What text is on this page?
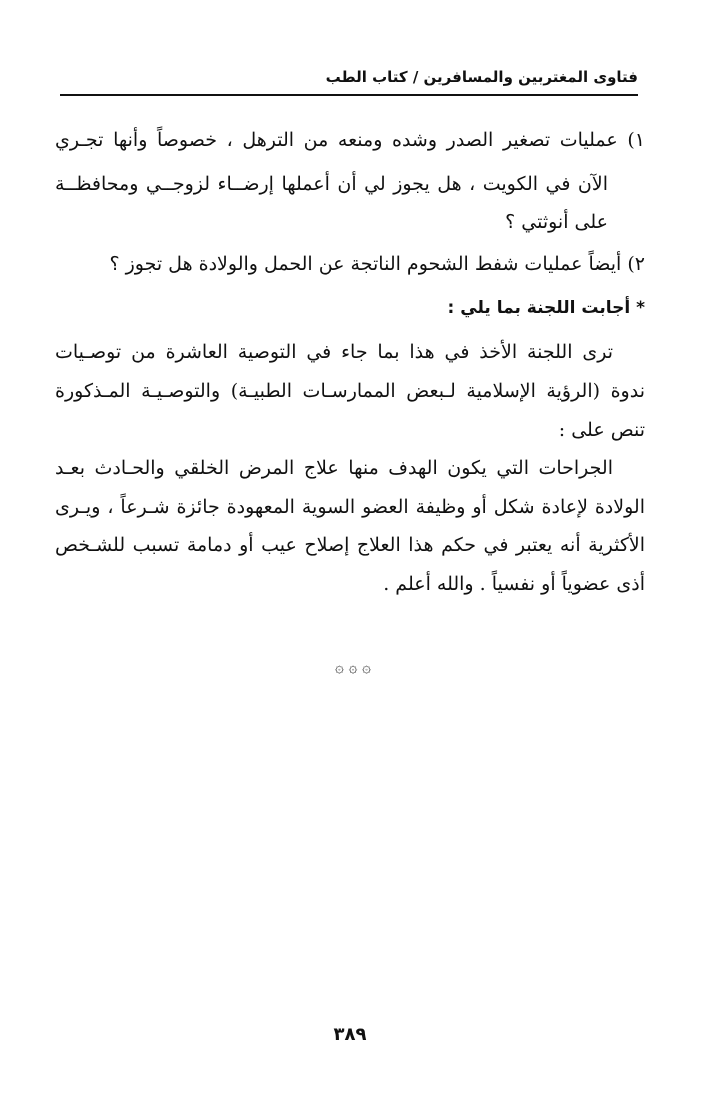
فتاوى المغتربين والمسافرين / كتاب الطب
١) عمليات تصغير الصدر وشده ومنعه من الترهل ، خصوصاً وأنها تجـري
الآن في الكويت ، هل يجوز لي أن أعملها إرضــاء لزوجــي ومحافظــة
على أنوثتي ؟
٢) أيضاً عمليات شفط الشحوم الناتجة عن الحمل والولادة هل تجوز ؟
* أجابت اللجنة بما يلي :
ترى اللجنة الأخذ في هذا بما جاء في التوصية العاشرة من توصـيات
ندوة (الرؤية الإسلامية لـبعض الممارسـات الطبيـة) والتوصـيـة المـذكورة
تنص على :
الجراحات التي يكون الهدف منها علاج المرض الخلقي والحـادث بعـد
الولادة لإعادة شكل أو وظيفة العضو السوية المعهودة جائزة شـرعاً ، ويـرى
الأكثرية أنه يعتبر في حكم هذا العلاج إصلاح عيب أو دمامة تسبب للشـخص
أذى عضوياً أو نفسياً . والله أعلم .
۞ ۞ ۞
٣٨٩
